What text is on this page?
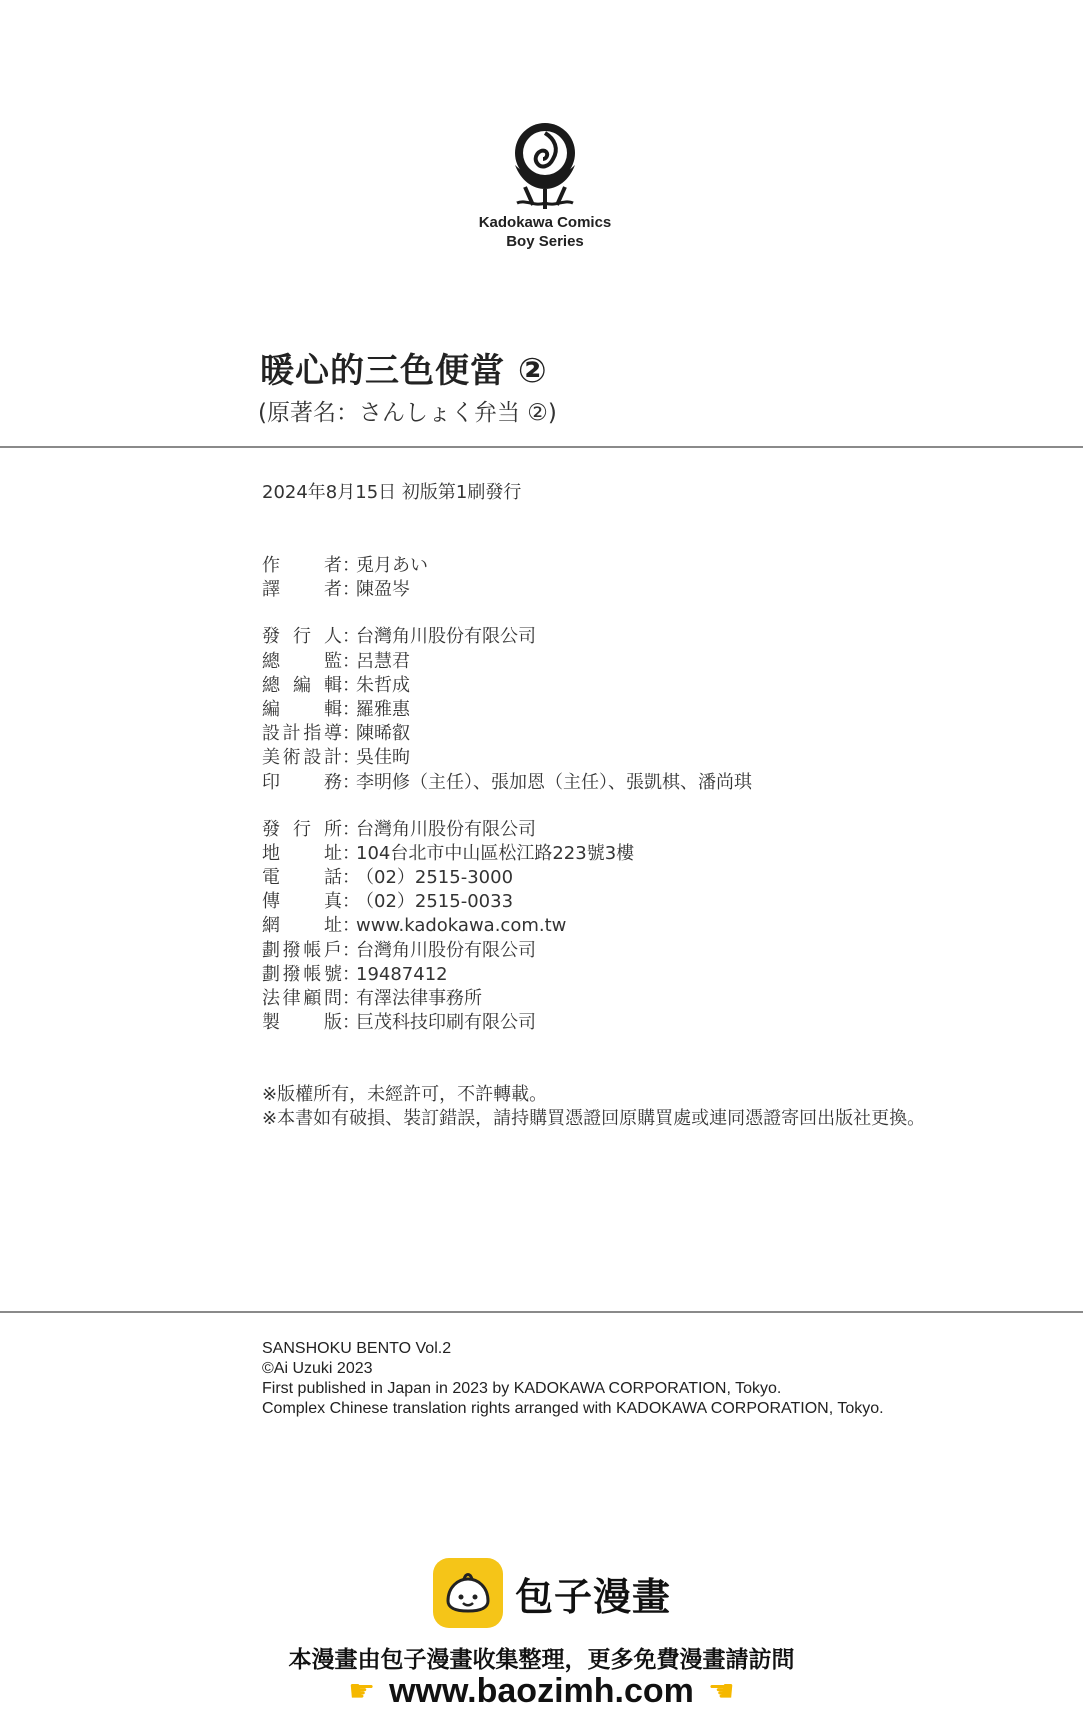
Kadokawa Comics
Boy Series
暖心的三色便當 ②
(原著名：さんしょく弁当 ②)
2024年8月15日 初版第1刷發行
作者 ：
兎月あい
譯者 ：
陳盈岑
發行人 ：
台灣角川股份有限公司
總監 ：
呂慧君
總編輯 ：
朱哲成
編輯 ：
羅雅惠
設計指導 ：
陳晞叡
美術設計 ：
吳佳昫
印務 ：
李明修（主任）、張加恩（主任）、張凱棋、潘尚琪
發行所 ：
台灣角川股份有限公司
地址 ：
104台北市中山區松江路223號3樓
電話 ：
（02）2515-3000
傳真 ：
（02）2515-0033
網址 ：
www.kadokawa.com.tw
劃撥帳戶 ：
台灣角川股份有限公司
劃撥帳號 ：
19487412
法律顧問 ：
有澤法律事務所
製版 ：
巨茂科技印刷有限公司
※版權所有，未經許可，不許轉載。
※本書如有破損、裝訂錯誤，請持購買憑證回原購買處或連同憑證寄回出版社更換。
SANSHOKU BENTO Vol.2
©Ai Uzuki 2023
First published in Japan in 2023 by KADOKAWA CORPORATION, Tokyo.
Complex Chinese translation rights arranged with KADOKAWA CORPORATION, Tokyo.
包子漫畫
本漫畫由包子漫畫收集整理，更多免費漫畫請訪問
☛ www.baozimh.com ☚
